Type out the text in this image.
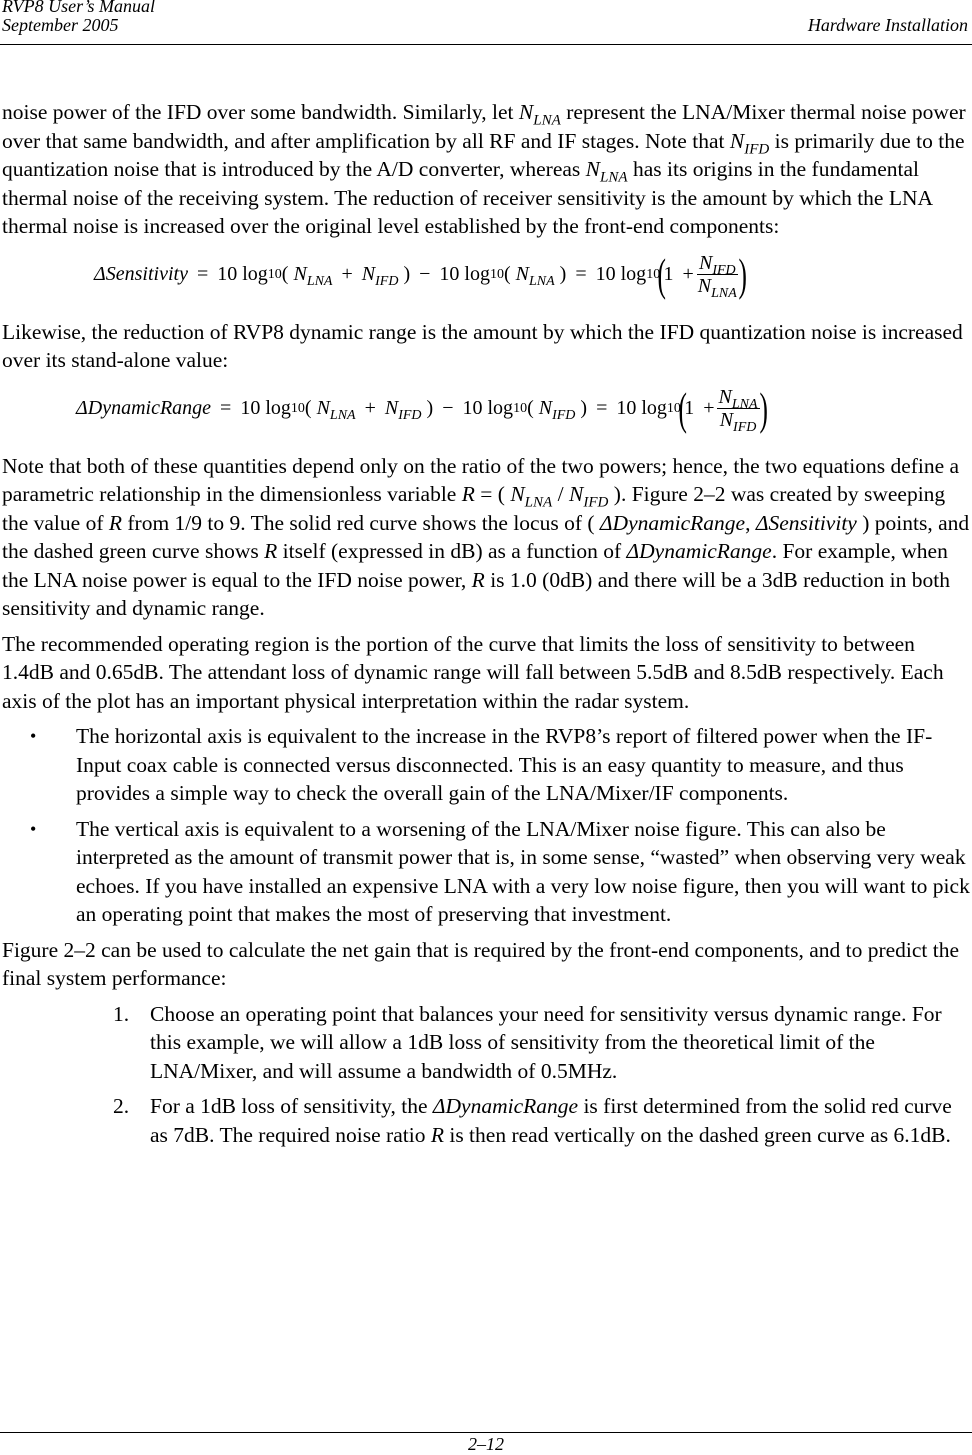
RVP8 User’s Manual
September 2005	Hardware Installation

noise power of the IFD over some bandwidth. Similarly, let $N_{LNA}$ represent the LNA/Mixer thermal noise power over that same bandwidth, and after amplification by all RF and IF stages. Note that $N_{IFD}$ is primarily due to the quantization noise that is introduced by the A/D converter, whereas $N_{LNA}$ has its origins in the fundamental thermal noise of the receiving system. The reduction of receiver sensitivity is the amount by which the LNA thermal noise is increased over the original level established by the front-end components:

Δ Sensitivity = 10
log 10 (
$N_{LNA} + N_{IFD}$
) − 10
log 10 (
$N_{LNA}$
) = 10
log 10
(
$1 + \frac{N_{IFD}}{N_{LNA}}$ )

Likewise, the reduction of RVP8 dynamic range is the amount by which the IFD quantization noise is increased over its stand-alone value:

Δ DynamicRange = 10
log 10 (
$N_{LNA} + N_{IFD}$
) − 10
log 10 (
$N_{IFD}$
) = 10
log 10
(
$1 + \frac{N_{LNA}}{N_{IFD}}$ )

Note that both of these quantities depend only on the ratio of the two powers; hence, the two equations define a parametric relationship in the dimensionless variable R = ( $N_{LNA} / N_{IFD}$ ). Figure 2–2 was created by sweeping the value of R from 1/9 to 9. The solid red curve shows the locus of ( ΔDynamicRange, ΔSensitivity ) points, and the dashed green curve shows R itself (expressed in dB) as a function of ΔDynamicRange. For example, when the LNA noise power is equal to the IFD noise power, R is 1.0 (0dB) and there will be a 3dB reduction in both sensitivity and dynamic range.

The recommended operating region is the portion of the curve that limits the loss of sensitivity to between 1.4dB and 0.65dB. The attendant loss of dynamic range will fall between 5.5dB and 8.5dB respectively. Each axis of the plot has an important physical interpretation within the radar system.

• The horizontal axis is equivalent to the increase in the RVP8’s report of filtered power when the IF-Input coax cable is connected versus disconnected. This is an easy quantity to measure, and thus provides a simple way to check the overall gain of the LNA/Mixer/IF components.
• The vertical axis is equivalent to a worsening of the LNA/Mixer noise figure. This can also be interpreted as the amount of transmit power that is, in some sense, “wasted” when observing very weak echoes. If you have installed an expensive LNA with a very low noise figure, then you will want to pick an operating point that makes the most of preserving that investment.

Figure 2–2 can be used to calculate the net gain that is required by the front-end components, and to predict the final system performance:

1. Choose an operating point that balances your need for sensitivity versus dynamic range. For this example, we will allow a 1dB loss of sensitivity from the theoretical limit of the LNA/Mixer, and will assume a bandwidth of 0.5MHz.
2. For a 1dB loss of sensitivity, the ΔDynamicRange is first determined from the solid red curve as 7dB. The required noise ratio R is then read vertically on the dashed green curve as 6.1dB.
2–12
